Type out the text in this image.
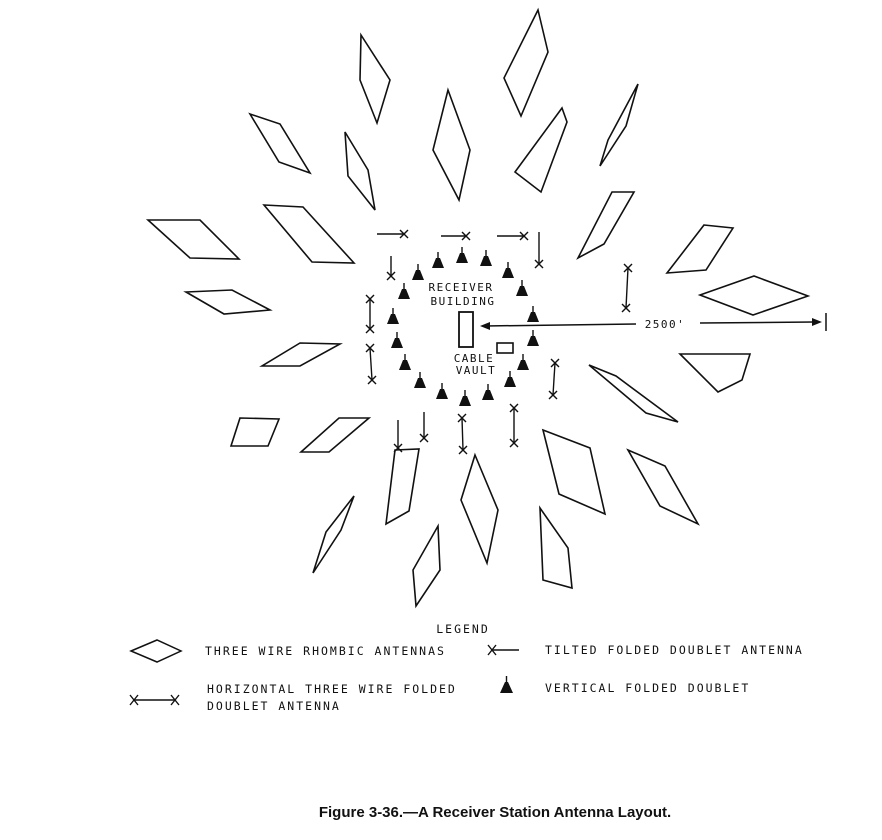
RECEIVER
BUILDING
CABLE
VAULT
2500'
LEGEND
THREE WIRE RHOMBIC ANTENNAS	TILTED FOLDED DOUBLET ANTENNA
HORIZONTAL THREE WIRE FOLDED
DOUBLET ANTENNA
VERTICAL FOLDED DOUBLET
Figure 3-36.—A Receiver Station Antenna Layout.
